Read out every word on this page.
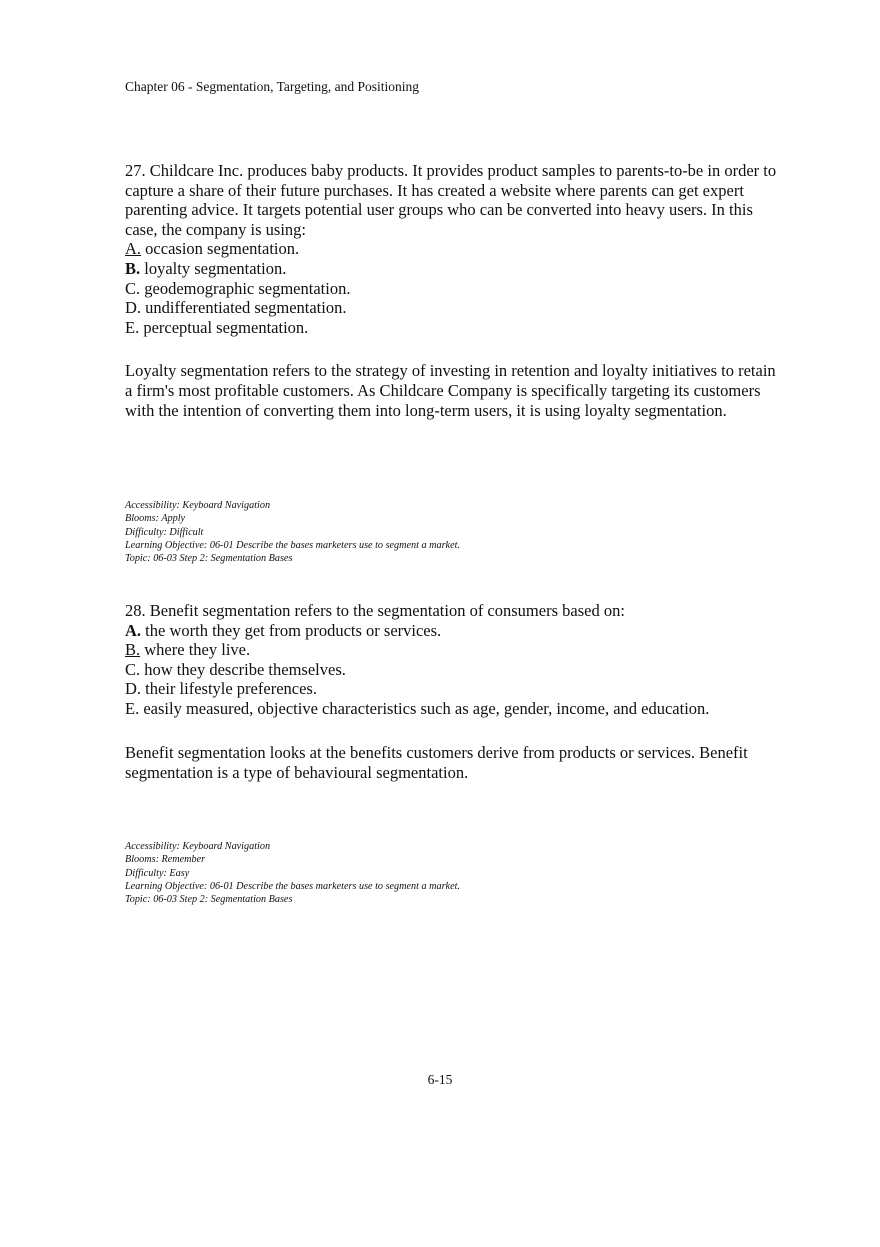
Chapter 06 - Segmentation, Targeting, and Positioning

27. Childcare Inc. produces baby products. It provides product samples to parents-to-be in order to capture a share of their future purchases. It has created a website where parents can get expert parenting advice. It targets potential user groups who can be converted into heavy users. In this case, the company is using:

A. occasion segmentation.

B. loyalty segmentation.

C. geodemographic segmentation.

D. undifferentiated segmentation.

E. perceptual segmentation.

Loyalty segmentation refers to the strategy of investing in retention and loyalty initiatives to retain a firm's most profitable customers. As Childcare Company is specifically targeting its customers with the intention of converting them into long-term users, it is using loyalty segmentation.

Accessibility: Keyboard Navigation
Blooms: Apply
Difficulty: Difficult
Learning Objective: 06-01 Describe the bases marketers use to segment a market.
Topic: 06-03 Step 2: Segmentation Bases

28. Benefit segmentation refers to the segmentation of consumers based on:

A. the worth they get from products or services.

B. where they live.

C. how they describe themselves.

D. their lifestyle preferences.

E. easily measured, objective characteristics such as age, gender, income, and education.

Benefit segmentation looks at the benefits customers derive from products or services. Benefit segmentation is a type of behavioural segmentation.

Accessibility: Keyboard Navigation
Blooms: Remember
Difficulty: Easy
Learning Objective: 06-01 Describe the bases marketers use to segment a market.
Topic: 06-03 Step 2: Segmentation Bases
6-15
